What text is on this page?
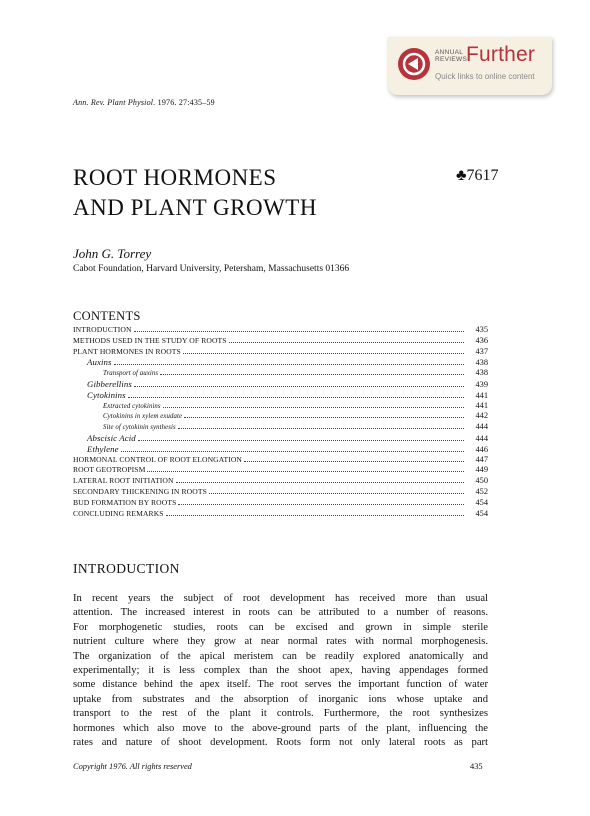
ANNUAL
REVIEWS
Further
Quick links to online content
Ann. Rev. Plant Physiol. 1976. 27:435–59
ROOT HORMONES
AND PLANT GROWTH
♣7617
John G. Torrey
Cabot Foundation, Harvard University, Petersham, Massachusetts 01366
CONTENTS
INTRODUCTION	435
METHODS USED IN THE STUDY OF ROOTS	436
PLANT HORMONES IN ROOTS	437
Auxins	438
Transport of auxins	438
Gibberellins	439
Cytokinins	441
Extracted cytokinins	441
Cytokinins in xylem exudate	442
Site of cytokinin synthesis	444
Abscisic Acid	444
Ethylene	446
HORMONAL CONTROL OF ROOT ELONGATION	447
ROOT GEOTROPISM	449
LATERAL ROOT INITIATION	450
SECONDARY THICKENING IN ROOTS	452
BUD FORMATION BY ROOTS	454
CONCLUDING REMARKS	454
INTRODUCTION
In recent years the subject of root development has received more than usual
attention. The increased interest in roots can be attributed to a number of reasons.
For morphogenetic studies, roots can be excised and grown in simple sterile
nutrient culture where they grow at near normal rates with normal morphogenesis.
The organization of the apical meristem can be readily explored anatomically and
experimentally; it is less complex than the shoot apex, having appendages formed
some distance behind the apex itself. The root serves the important function of water
uptake from substrates and the absorption of inorganic ions whose uptake and
transport to the rest of the plant it controls. Furthermore, the root synthesizes
hormones which also move to the above-ground parts of the plant, influencing the
rates and nature of shoot development. Roots form not only lateral roots as part
Copyright 1976. All rights reserved	435
